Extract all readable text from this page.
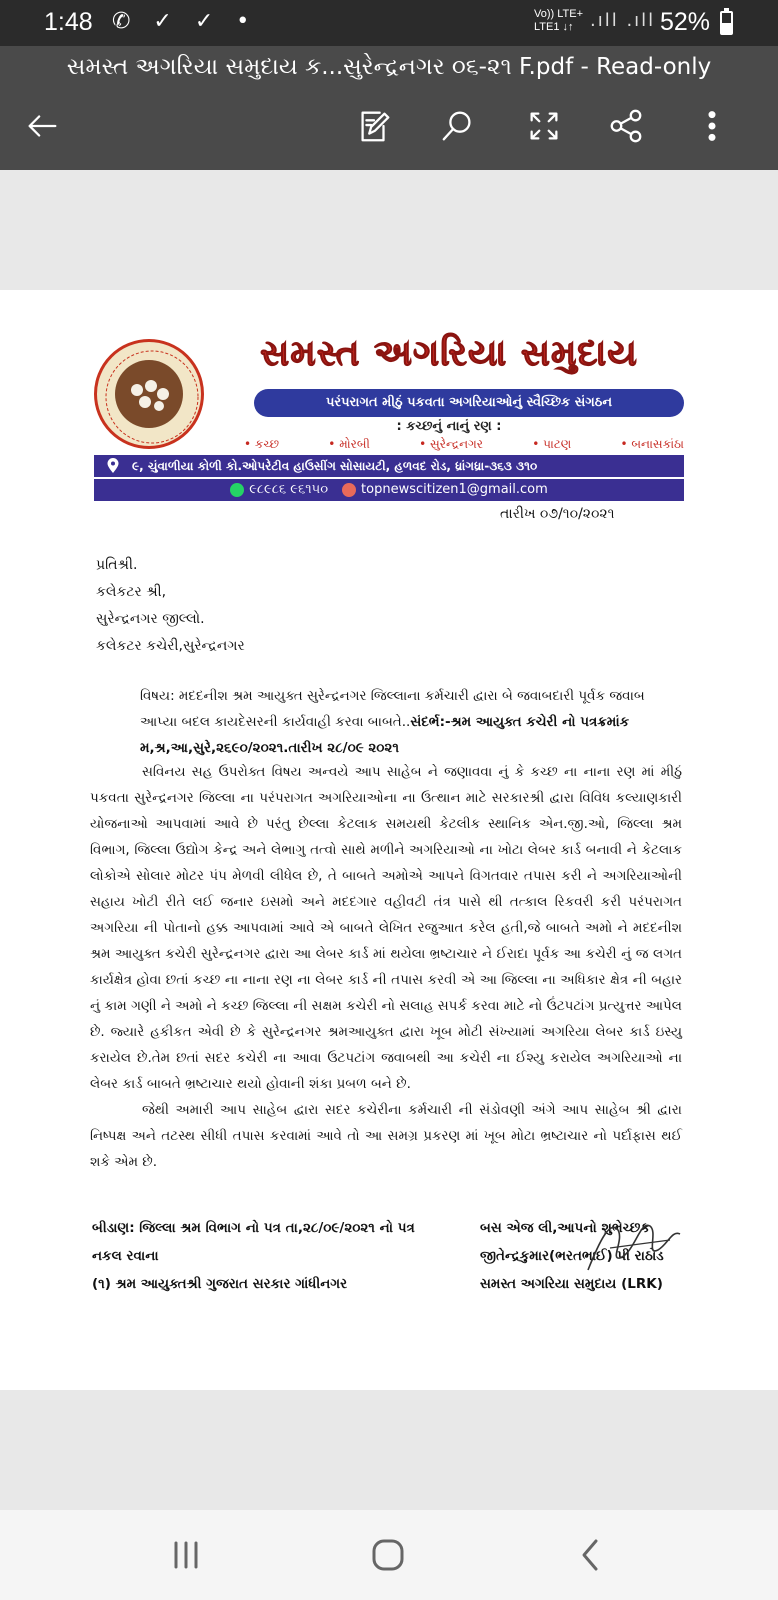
1:48 ✆ ✓ ✓ •	Vo)) LTE+
LTE1 ↓↑ .ıll .ıll 52%
સમસ્ત અગરિયા સમુદાય ક...સુરેન્દ્રનગર ૦૬-૨૧ F.pdf - Read-only
સમસ્ત અગરિયા સમુદાય
પરંપરાગત મીઠું પકવતા અગરિયાઓનું સ્વૈચ્છિક સંગઠન
: કચ્છનું નાનું રણ :
• કચ્છ	• મોરબી	• સુરેન્દ્રનગર	• પાટણ	• બનાસકાંઠા
૯, ચુંવાળીયા કોળી કો.ઓપરેટીવ હાઉસીંગ સોસાયટી, હળવદ રોડ, ધ્રાંગધ્રા-૩૬૩ ૩૧૦
૯૮૯૮૬ ૯૬૧૫૦	topnewscitizen1@gmail.com
તારીખ ૦૭/૧૦/૨૦૨૧
પ્રતિશ્રી.
કલેકટર શ્રી,
સુરેન્દ્રનગર જીલ્લો.
કલેકટર કચેરી,સુરેન્દ્રનગર
વિષય: મદદનીશ શ્રમ આયુક્ત સુરેન્દ્રનગર જિલ્લાના કર્મચારી દ્વારા બે જવાબદારી પૂર્વક જવાબ આપ્યા બદલ કાયદેસરની કાર્યવાહી કરવા બાબતે..સંદર્ભ:-શ્રમ આયુક્ત કચેરી નો પત્રક્રમાંક મ,શ્ર,આ,સુરે,૨૬૯૦/૨૦૨૧.તારીખ ૨૮/૦૯ ૨૦૨૧

સવિનય સહ ઉપરોક્ત વિષય અન્વયે આપ સાહેબ ને જણાવવા નું કે કચ્છ ના નાના રણ માં મીઠું પકવતા સુરેન્દ્રનગર જિલ્લા ના પરંપરાગત અગરિયાઓના ના ઉત્થાન માટે સરકારશ્રી દ્વારા વિવિધ કલ્યાણકારી યોજનાઓ આપવામાં આવે છે પરંતુ છેલ્લા કેટલાક સમયથી કેટલીક સ્થાનિક એન.જી.ઓ, જિલ્લા શ્રમ વિભાગ, જિલ્લા ઉદ્યોગ કેન્દ્ર અને લેભાગુ તત્વો સાથે મળીને અગરિયાઓ ના ખોટા લેબર કાર્ડ બનાવી ને કેટલાક લોકોએ સોલાર મોટર પંપ મેળવી લીધેલ છે, તે બાબતે અમોએ આપને વિગતવાર તપાસ કરી ને અગરિયાઓની સહાય ખોટી રીતે લઈ જનાર ઇસમો અને મદદગાર વહીવટી તંત્ર પાસે થી તત્કાલ રિકવરી કરી પરંપરાગત અગરિયા ની પોતાનો હક્ક આપવામાં આવે એ બાબતે લેખિત રજુઆત કરેલ હતી,જે બાબતે અમો ને મદદનીશ શ્રમ આયુક્ત કચેરી સુરેન્દ્રનગર દ્વારા આ લેબર કાર્ડ માં થયેલા ભ્રષ્ટાચાર ને ઈરાદા પૂર્વક આ કચેરી નું જ લગત કાર્યક્ષેત્ર હોવા છતાં કચ્છ ના નાના રણ ના લેબર કાર્ડ ની તપાસ કરવી એ આ જિલ્લા ના અધિકાર ક્ષેત્ર ની બહાર નું કામ ગણી ને અમો ને કચ્છ જિલ્લા ની સક્ષમ કચેરી નો સલાહ સપર્ક કરવા માટે નો ઉંટપટાંગ પ્રત્યુત્તર આપેલ છે. જ્યારે હકીકત એવી છે કે સુરેન્દ્રનગર શ્રમઆયુક્ત દ્વારા ખૂબ મોટી સંખ્યામાં અગરિયા લેબર કાર્ડ ઇસ્યુ કરાયેલ છે.તેમ છતાં સદર કચેરી ના આવા ઉટપટાંગ જવાબથી આ કચેરી ના ઈશ્યુ કરાયેલ અગરિયાઓ ના લેબર કાર્ડ બાબતે ભ્રષ્ટાચાર થયો હોવાની શંકા પ્રબળ બને છે.

જેથી અમારી આપ સાહેબ દ્વારા સદર કચેરીના કર્મચારી ની સંડોવણી અંગે આપ સાહેબ શ્રી દ્વારા નિષ્પક્ષ અને તટસ્થ સીધી તપાસ કરવામાં આવે તો આ સમગ્ર પ્રકરણ માં ખૂબ મોટા ભ્રષ્ટાચાર નો પર્દાફાસ થઈ શકે એમ છે.

બીડાણ: જિલ્લા શ્રમ વિભાગ નો પત્ર તા,૨૮/૦૯/૨૦૨૧ નો પત્ર
નકલ રવાના
(૧) શ્રમ આયુક્તશ્રી ગુજરાત સરકાર ગાંધીનગર
બસ એજ લી,આપનો શુભેચ્છક
જીતેન્દ્રકુમાર(ભરતભાઈ) પી રાઠોડ
સમસ્ત અગરિયા સમુદાય (LRK)
